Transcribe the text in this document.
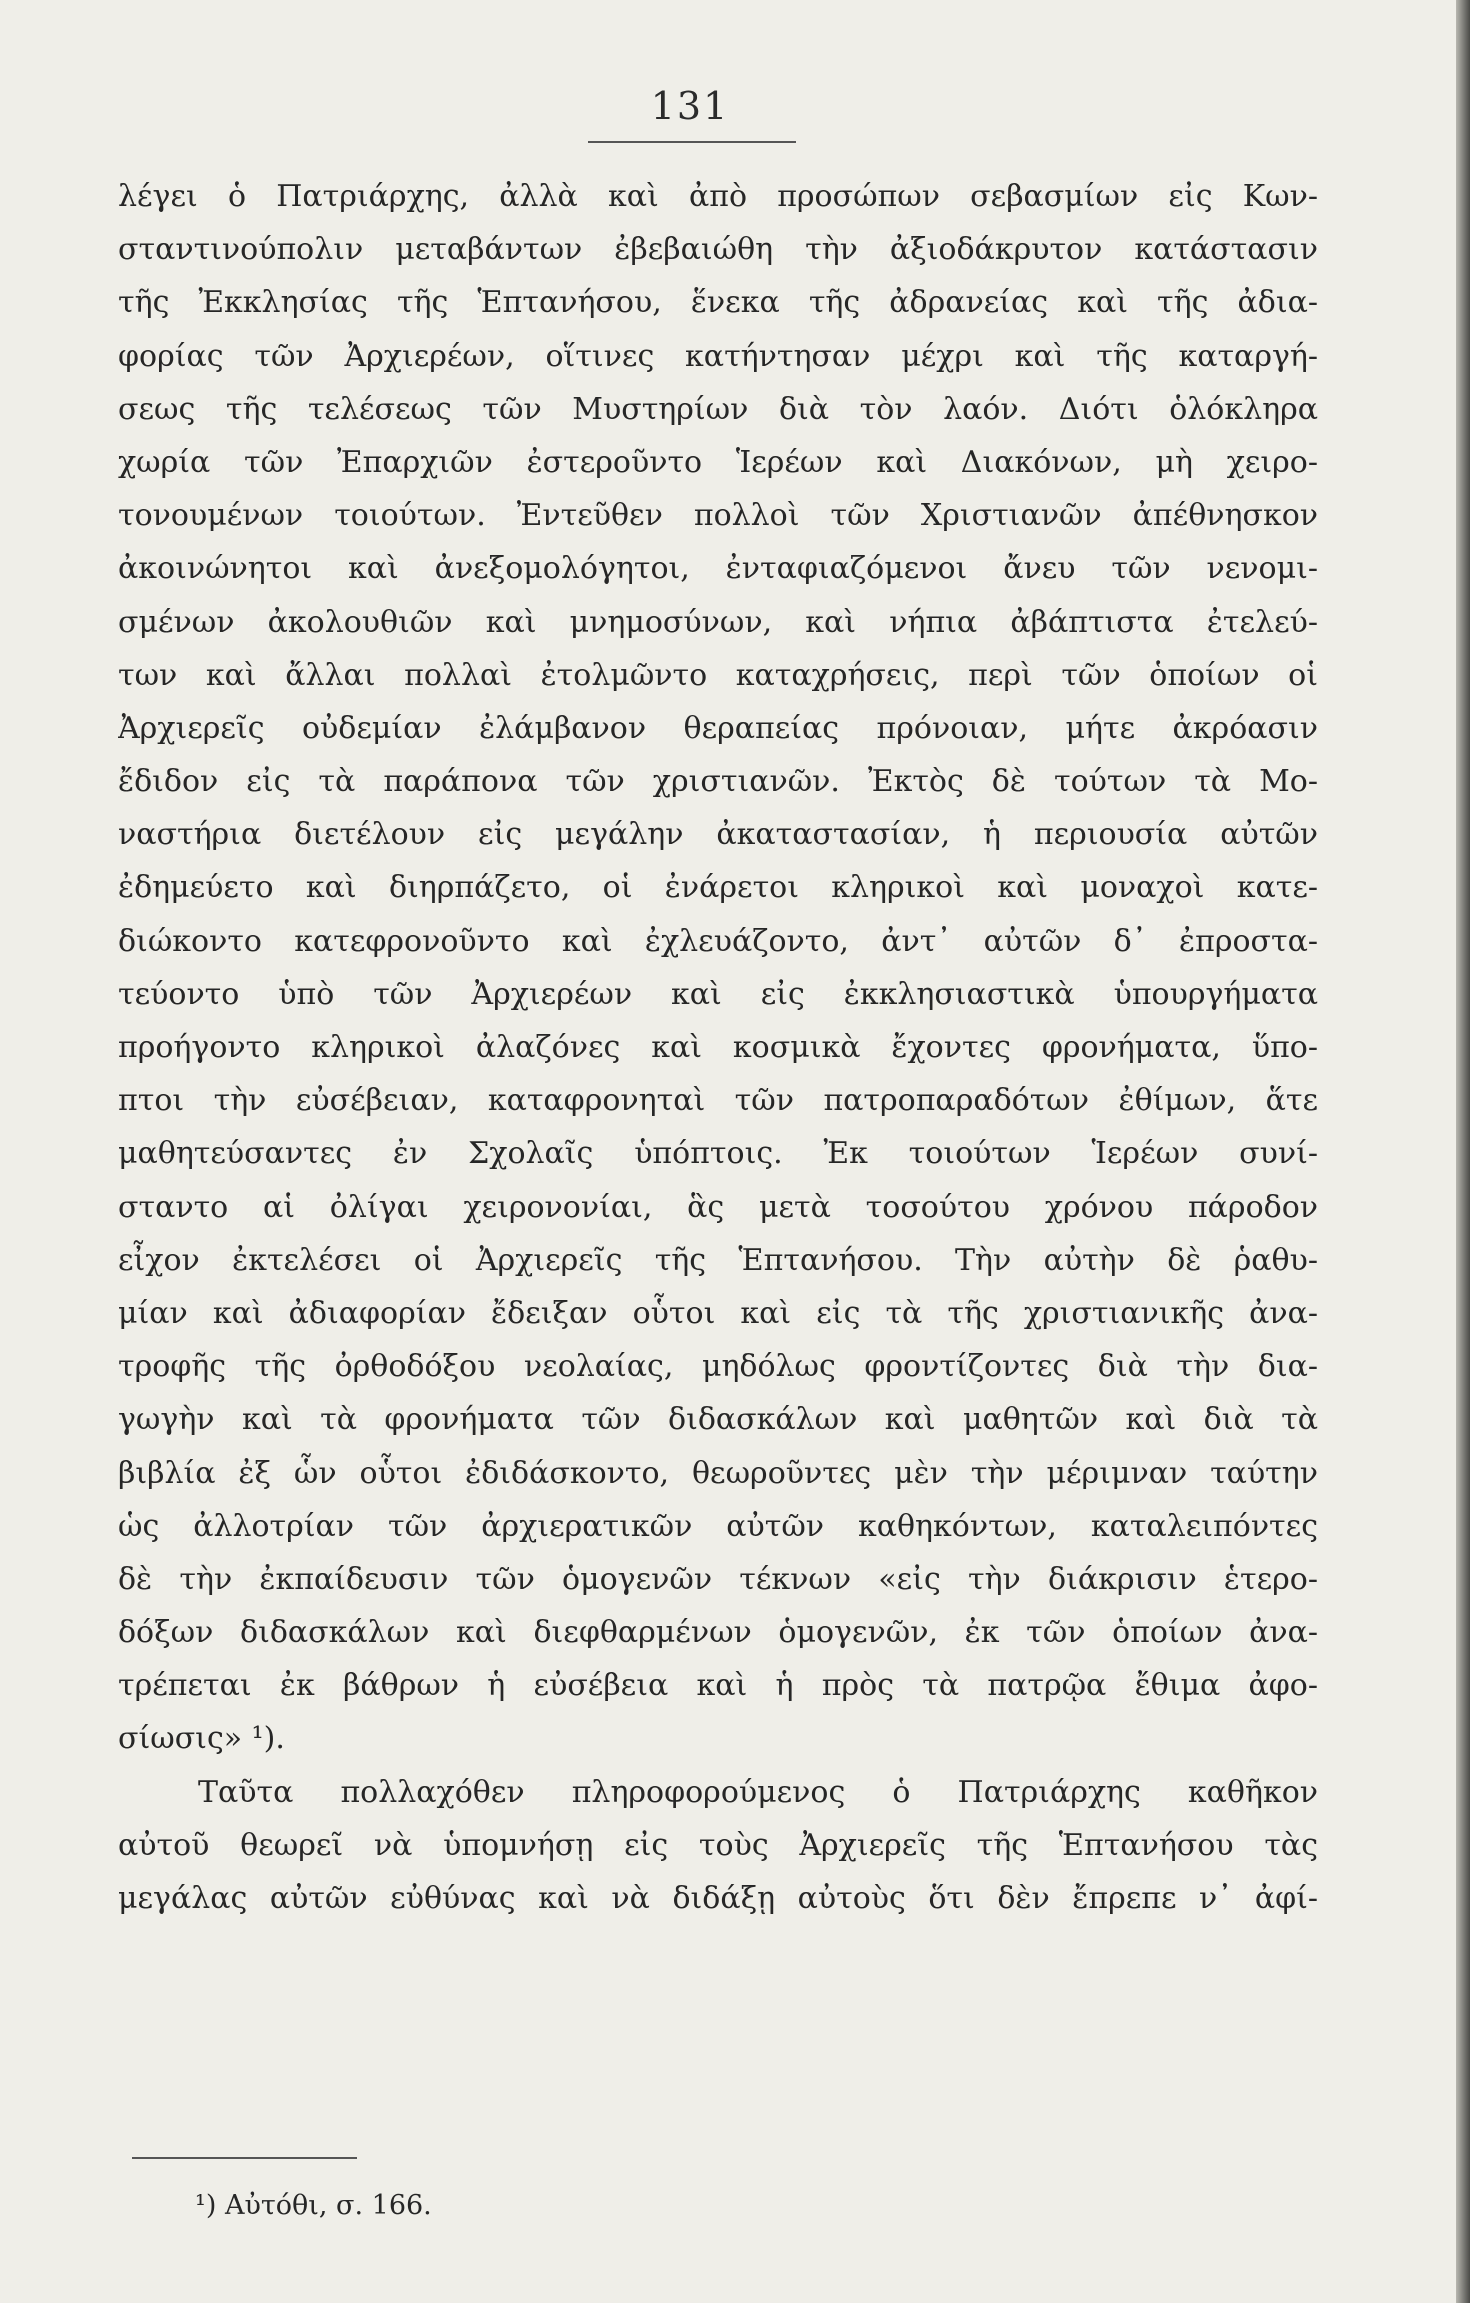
131
λέγει ὁ Πατριάρχης, ἀλλὰ καὶ ἀπὸ προσώπων σεβασμίων εἰς Κων-
σταντινούπολιν μεταβάντων ἐβεβαιώθη τὴν ἀξιοδάκρυτον κατάστασιν
τῆς Ἐκκλησίας τῆς Ἑπτανήσου, ἕνεκα τῆς ἀδρανείας καὶ τῆς ἀδια-
φορίας τῶν Ἀρχιερέων, οἵτινες κατήντησαν μέχρι καὶ τῆς καταργή-
σεως τῆς τελέσεως τῶν Μυστηρίων διὰ τὸν λαόν. Διότι ὁλόκληρα
χωρία τῶν Ἐπαρχιῶν ἐστεροῦντο Ἱερέων καὶ Διακόνων, μὴ χειρο-
τονουμένων τοιούτων. Ἐντεῦθεν πολλοὶ τῶν Χριστιανῶν ἀπέθνησκον
ἀκοινώνητοι καὶ ἀνεξομολόγητοι, ἐνταφιαζόμενοι ἄνευ τῶν νενομι-
σμένων ἀκολουθιῶν καὶ μνημοσύνων, καὶ νήπια ἀβάπτιστα ἐτελεύ-
των καὶ ἄλλαι πολλαὶ ἐτολμῶντο καταχρήσεις, περὶ τῶν ὁποίων οἱ
Ἀρχιερεῖς οὐδεμίαν ἐλάμβανον θεραπείας πρόνοιαν, μήτε ἀκρόασιν
ἔδιδον εἰς τὰ παράπονα τῶν χριστιανῶν. Ἐκτὸς δὲ τούτων τὰ Μο-
ναστήρια διετέλουν εἰς μεγάλην ἀκαταστασίαν, ἡ περιουσία αὐτῶν
ἐδημεύετο καὶ διηρπάζετο, οἱ ἐνάρετοι κληρικοὶ καὶ μοναχοὶ κατε-
διώκοντο κατεφρονοῦντο καὶ ἐχλευάζοντο, ἀντ᾽ αὐτῶν δ᾽ ἐπροστα-
τεύοντο ὑπὸ τῶν Ἀρχιερέων καὶ εἰς ἐκκλησιαστικὰ ὑπουργήματα
προήγοντο κληρικοὶ ἀλαζόνες καὶ κοσμικὰ ἔχοντες φρονήματα, ὕπο-
πτοι τὴν εὐσέβειαν, καταφρονηταὶ τῶν πατροπαραδότων ἐθίμων, ἅτε
μαθητεύσαντες ἐν Σχολαῖς ὑπόπτοις. Ἐκ τοιούτων Ἱερέων συνί-
σταντο αἱ ὀλίγαι χειρονονίαι, ἃς μετὰ τοσούτου χρόνου πάροδον
εἶχον ἐκτελέσει οἱ Ἀρχιερεῖς τῆς Ἑπτανήσου. Τὴν αὐτὴν δὲ ῥαθυ-
μίαν καὶ ἀδιαφορίαν ἔδειξαν οὗτοι καὶ εἰς τὰ τῆς χριστιανικῆς ἀνα-
τροφῆς τῆς ὀρθοδόξου νεολαίας, μηδόλως φροντίζοντες διὰ τὴν δια-
γωγὴν καὶ τὰ φρονήματα τῶν διδασκάλων καὶ μαθητῶν καὶ διὰ τὰ
βιβλία ἐξ ὧν οὗτοι ἐδιδάσκοντο, θεωροῦντες μὲν τὴν μέριμναν ταύτην
ὡς ἀλλοτρίαν τῶν ἀρχιερατικῶν αὐτῶν καθηκόντων, καταλειπόντες
δὲ τὴν ἐκπαίδευσιν τῶν ὁμογενῶν τέκνων «εἰς τὴν διάκρισιν ἑτερο-
δόξων διδασκάλων καὶ διεφθαρμένων ὁμογενῶν, ἐκ τῶν ὁποίων ἀνα-
τρέπεται ἐκ βάθρων ἡ εὐσέβεια καὶ ἡ πρὸς τὰ πατρῷα ἔθιμα ἀφο-
σίωσις» ¹).
Ταῦτα πολλαχόθεν πληροφορούμενος ὁ Πατριάρχης καθῆκον
αὐτοῦ θεωρεῖ νὰ ὑπομνήσῃ εἰς τοὺς Ἀρχιερεῖς τῆς Ἑπτανήσου τὰς
μεγάλας αὐτῶν εὐθύνας καὶ νὰ διδάξῃ αὐτοὺς ὅτι δὲν ἔπρεπε ν᾽ ἀφί-
¹) Αὐτόθι, σ. 166.
